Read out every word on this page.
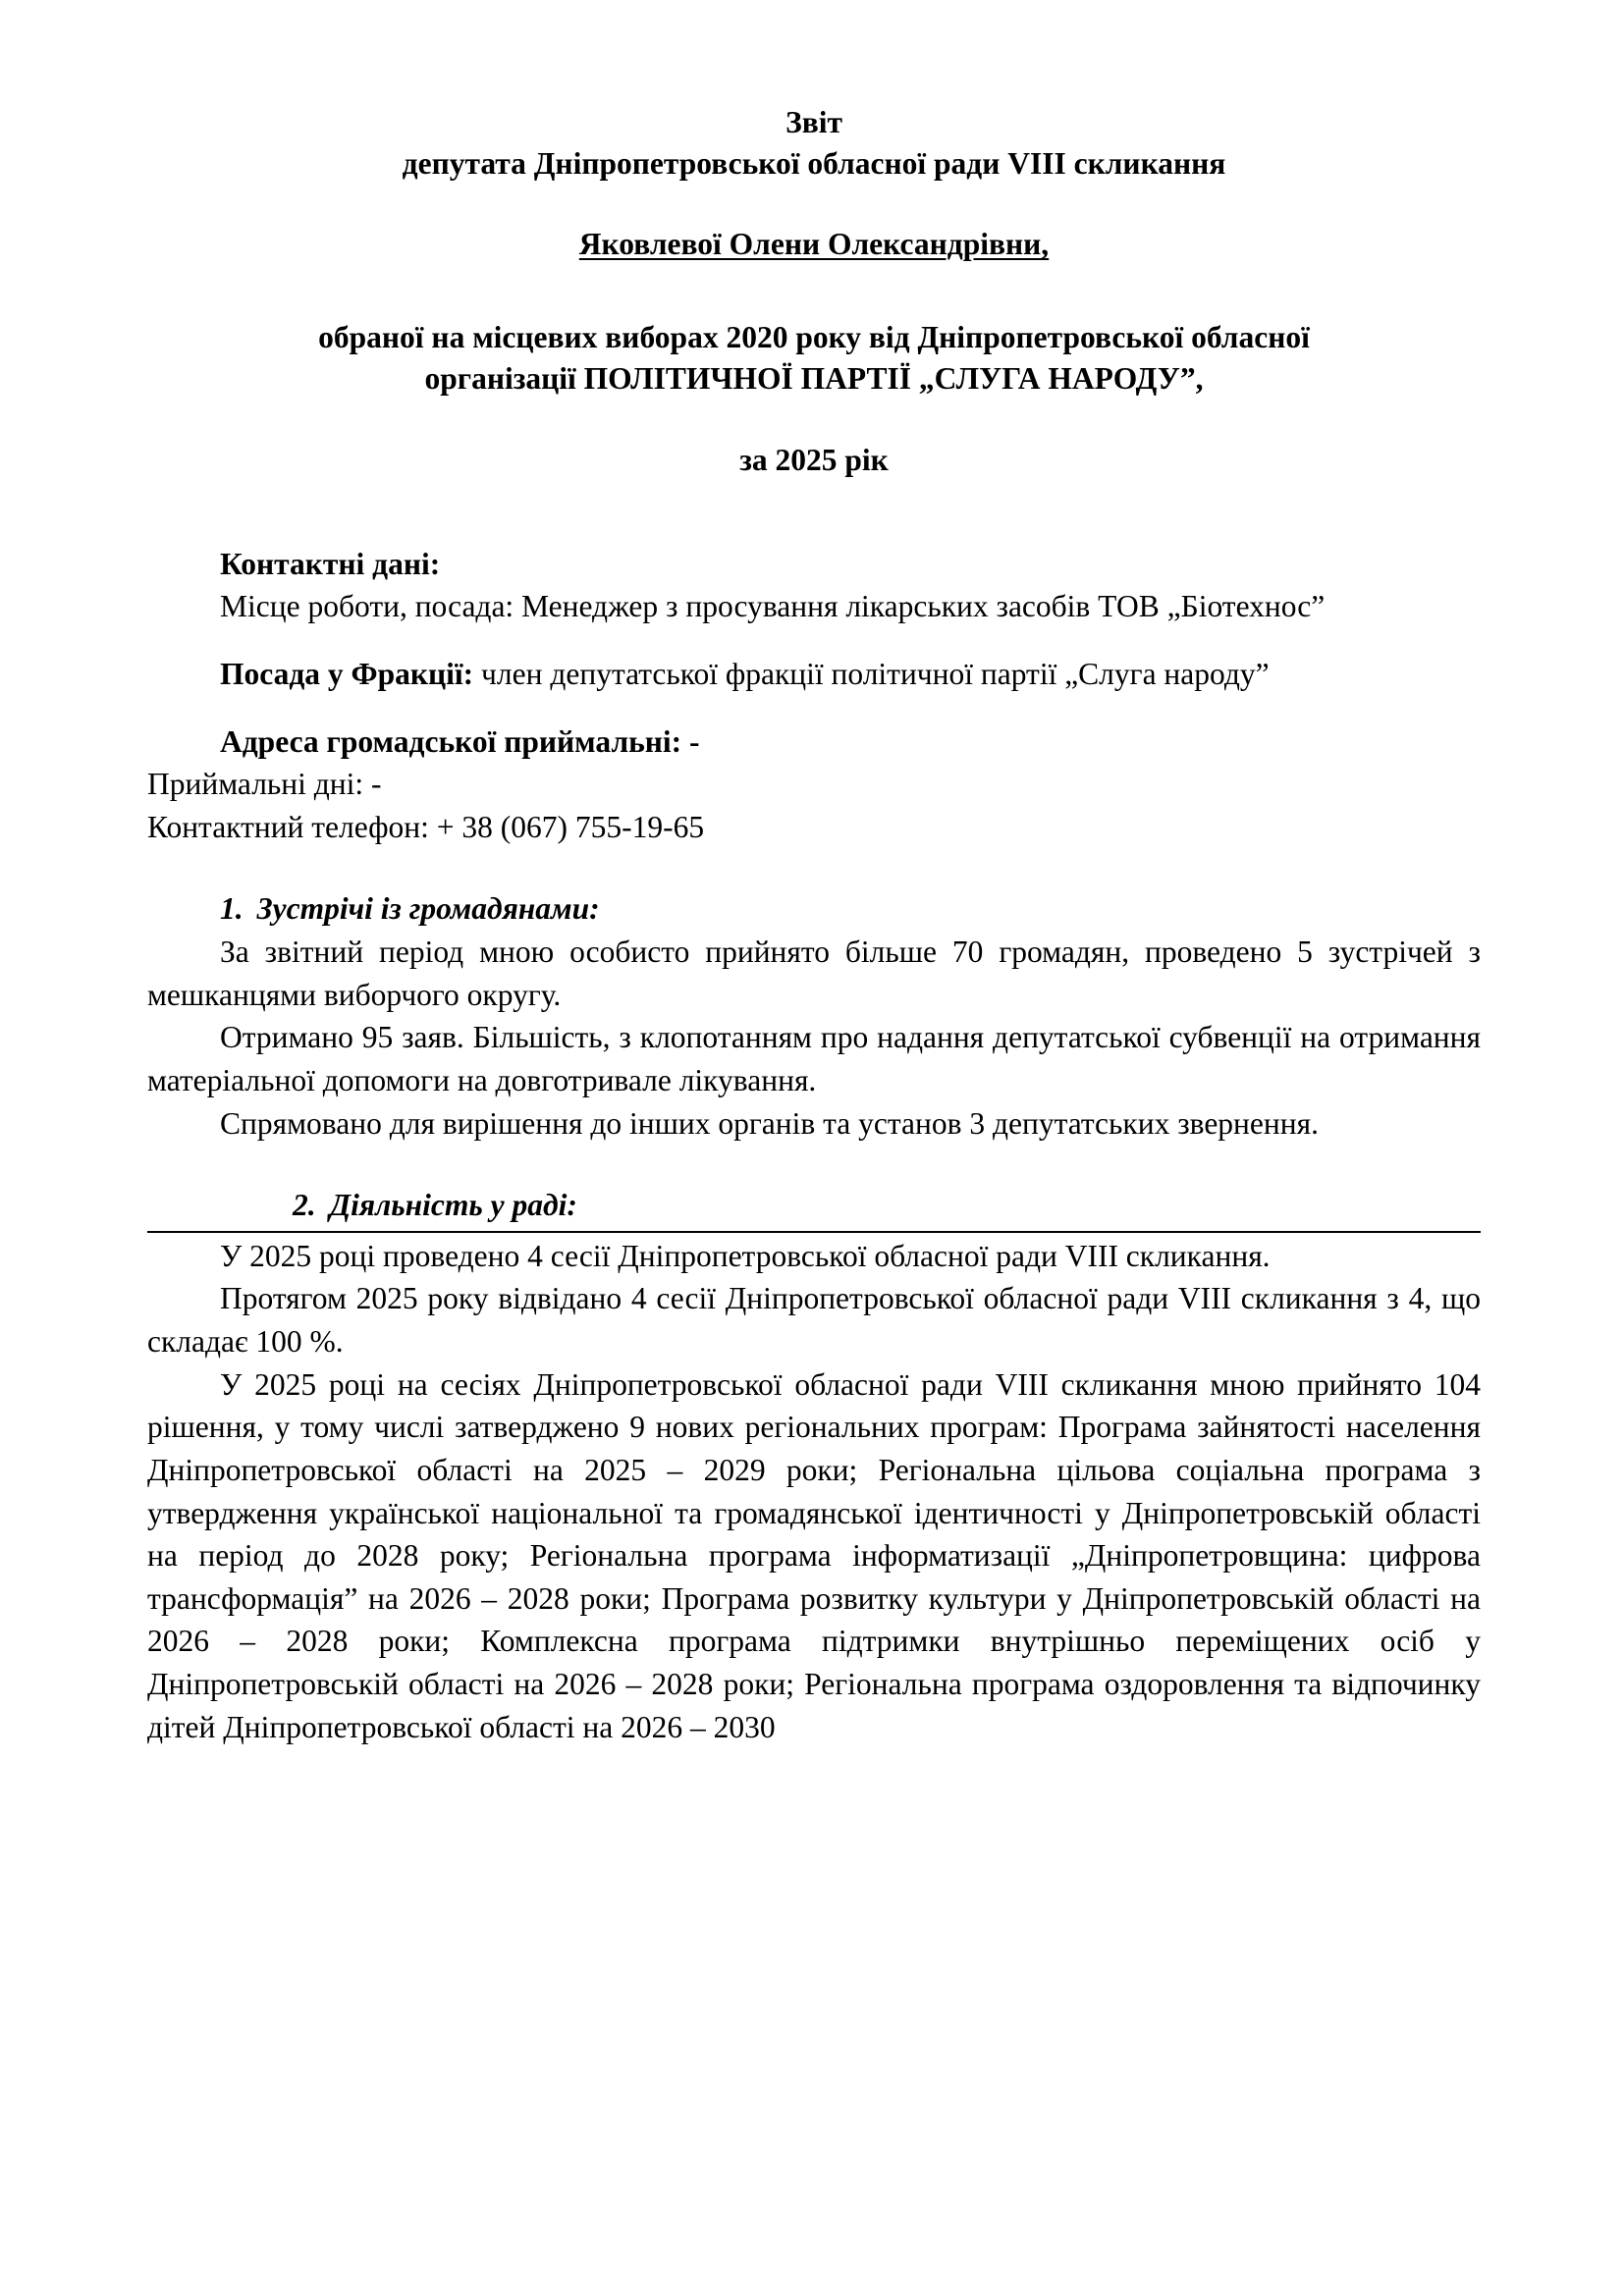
Звіт
депутата Дніпропетровської обласної ради VIII скликання
Яковлевої Олени Олександрівни,
обраної на місцевих виборах 2020 року від Дніпропетровської обласної
організації ПОЛІТИЧНОЇ ПАРТІЇ „СЛУГА НАРОДУ”,
за 2025 рік

Контактні дані:

Місце роботи, посада: Менеджер з просування лікарських засобів ТОВ „Біотехнос”

Посада у Фракції: член депутатської фракції політичної партії „Слуга народу”

Адреса громадської приймальні: -

Приймальні дні: -

Контактний телефон: + 38 (067) 755-19-65

1. Зустрічі із громадянами:

За звітний період мною особисто прийнято більше 70 громадян, проведено 5 зустрічей з мешканцями виборчого округу.

Отримано 95 заяв. Більшість, з клопотанням про надання депутатської субвенції на отримання матеріальної допомоги на довготривале лікування.

Спрямовано для вирішення до інших органів та установ 3 депутатських звернення.

2. Діяльність у раді:

У 2025 році проведено 4 сесії Дніпропетровської обласної ради VIII скликання.

Протягом 2025 року відвідано 4 сесії Дніпропетровської обласної ради VIII скликання з 4, що складає 100 %.

У 2025 році на сесіях Дніпропетровської обласної ради VIII скликання мною прийнято 104 рішення, у тому числі затверджено 9 нових регіональних програм: Програма зайнятості населення Дніпропетровської області на 2025 – 2029 роки; Регіональна цільова соціальна програма з утвердження української національної та громадянської ідентичності у Дніпропетровській області на період до 2028 року; Регіональна програма інформатизації „Дніпропетровщина: цифрова трансформація” на 2026 – 2028 роки; Програма розвитку культури у Дніпропетровській області на 2026 – 2028 роки; Комплексна програма підтримки внутрішньо переміщених осіб у Дніпропетровській області на 2026 – 2028 роки; Регіональна програма оздоровлення та відпочинку дітей Дніпропетровської області на 2026 – 2030
